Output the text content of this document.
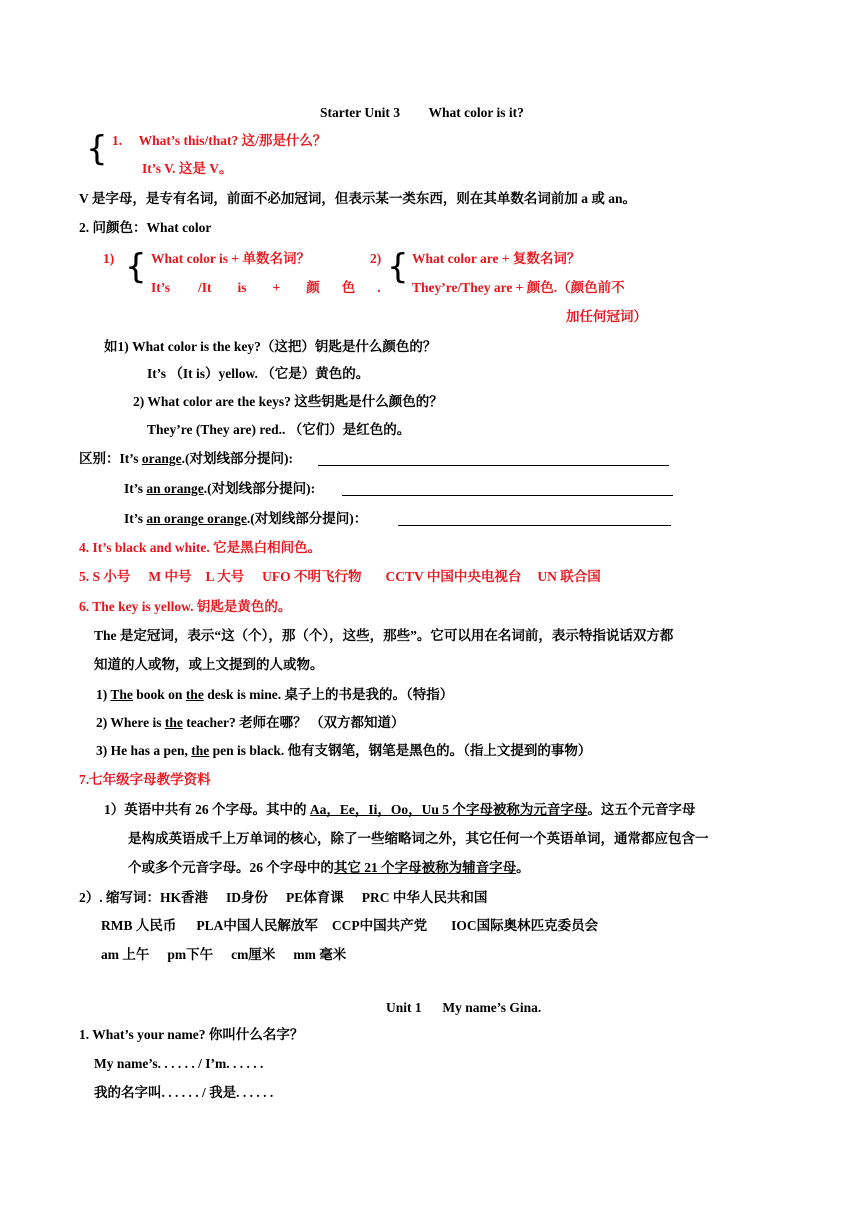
Starter Unit 3 What color is it?
{ 1. What’s this/that? 这/那是什么？
It’s V. 这是 V。
V 是字母，是专有名词，前面不必加冠词，但表示某一类东西，则在其单数名词前加 a 或 an。
2. 问颜色：What color
1) { What color is + 单数名词？
It’s /It is + 颜 色 .
2) { What color are + 复数名词？
They’re/They are + 颜色.（颜色前不
加任何冠词）
如1) What color is the key?（这把）钥匙是什么颜色的？
It’s （It is）yellow. （它是）黄色的。
2) What color are the keys? 这些钥匙是什么颜色的？
They’re (They are) red.. （它们）是红色的。
区别：It’s orange.(对划线部分提问):
It’s an orange.(对划线部分提问):
It’s an orange orange.(对划线部分提问)：
4. It’s black and white. 它是黑白相间色。
5. S 小号 M 中号 L 大号 UFO 不明飞行物 CCTV 中国中央电视台 UN 联合国
6. The key is yellow. 钥匙是黄色的。
The 是定冠词，表示“这（个），那（个），这些，那些”。它可以用在名词前，表示特指说话双方都
知道的人或物，或上文提到的人或物。
1) The book on the desk is mine. 桌子上的书是我的。（特指）
2) Where is the teacher? 老师在哪？ （双方都知道）
3) He has a pen, the pen is black. 他有支钢笔，钢笔是黑色的。（指上文提到的事物）
7.七年级字母教学资料
1）英语中共有 26 个字母。其中的 Aa，Ee，Ii，Oo，Uu 5 个字母被称为元音字母。这五个元音字母
是构成英语成千上万单词的核心，除了一些缩略词之外，其它任何一个英语单词，通常都应包含一
个或多个元音字母。26 个字母中的其它 21 个字母被称为辅音字母。
2）. 缩写词：HK香港 ID身份 PE体育课 PRC 中华人民共和国
RMB 人民币 PLA中国人民解放军 CCP中国共产党 IOC国际奥林匹克委员会
am 上午 pm下午 cm厘米 mm 毫米
Unit 1 My name’s Gina.
1. What’s your name? 你叫什么名字？
My name’s. . . . . . / I’m. . . . . .
我的名字叫. . . . . . / 我是. . . . . .
